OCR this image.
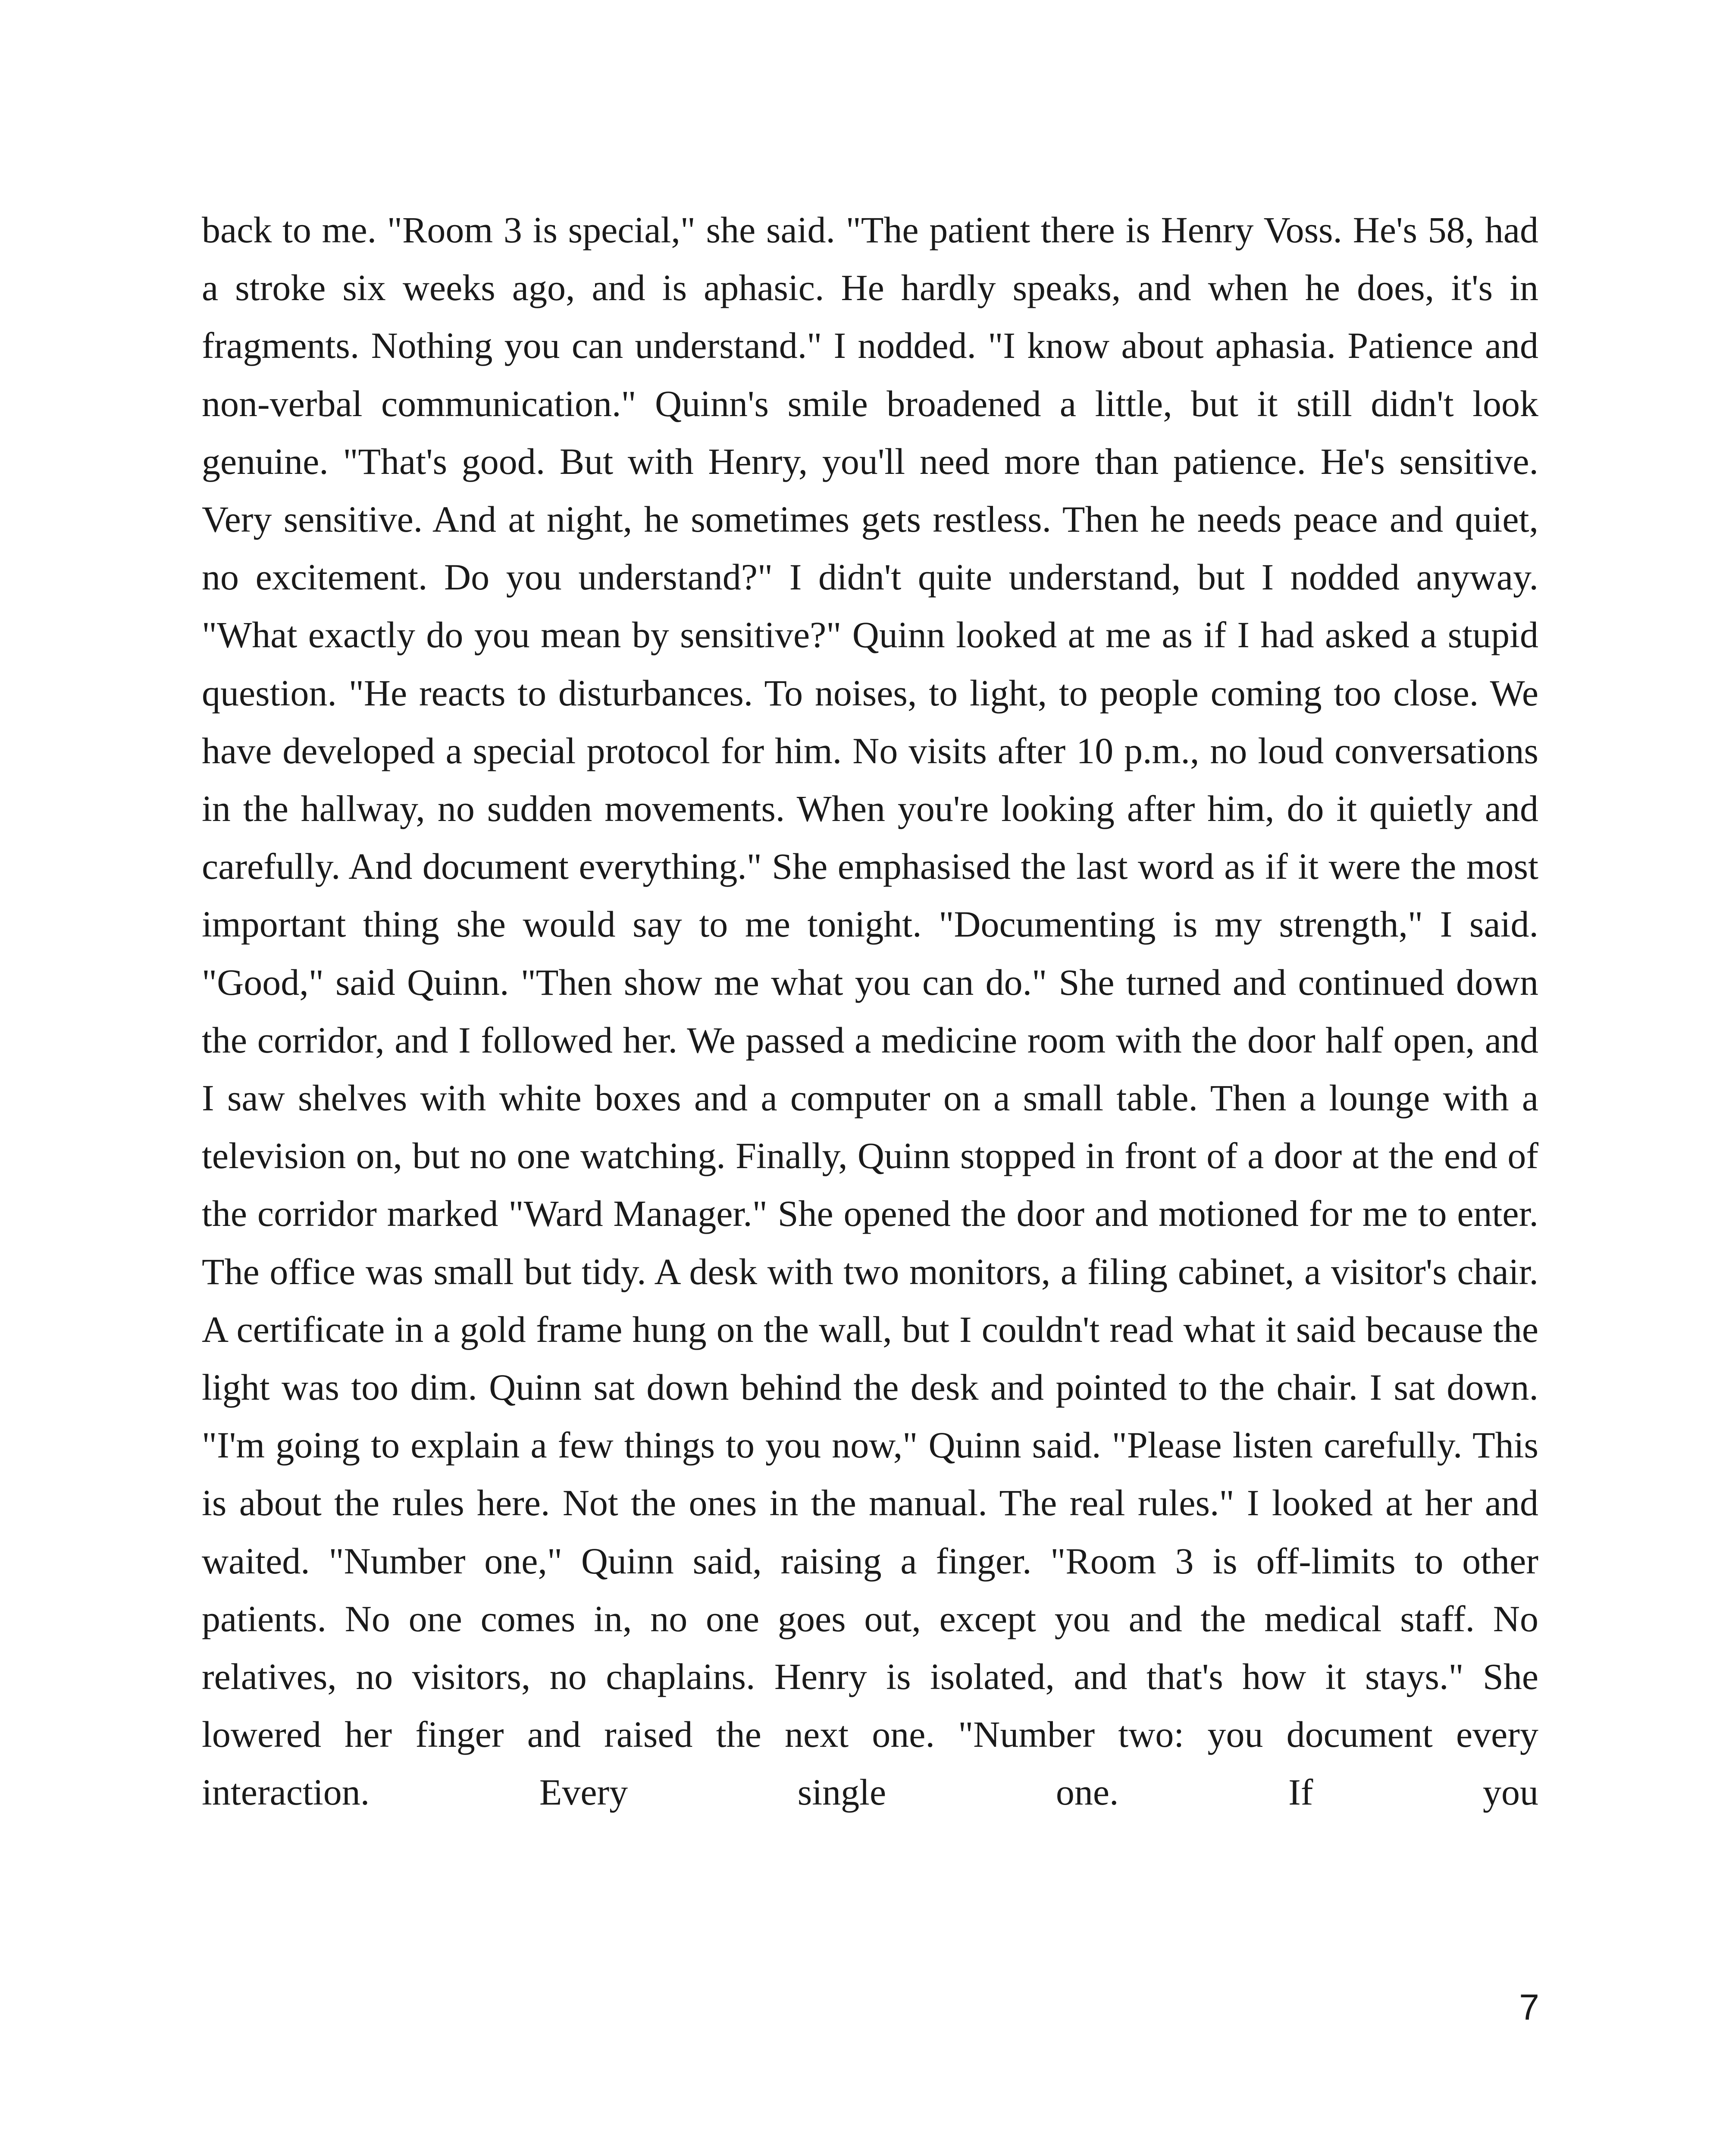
back to me. "Room 3 is special," she said. "The patient there is Henry Voss. He's 58, had a stroke six weeks ago, and is aphasic. He hardly speaks, and when he does, it's in fragments. Nothing you can understand." I nodded. "I know about aphasia. Patience and non-verbal communication." Quinn's smile broadened a little, but it still didn't look genuine. "That's good. But with Henry, you'll need more than patience. He's sensitive. Very sensitive. And at night, he sometimes gets restless. Then he needs peace and quiet, no excitement. Do you understand?" I didn't quite understand, but I nodded anyway. "What exactly do you mean by sensitive?" Quinn looked at me as if I had asked a stupid question. "He reacts to disturbances. To noises, to light, to people coming too close. We have developed a special protocol for him. No visits after 10 p.m., no loud conversations in the hallway, no sudden movements. When you're looking after him, do it quietly and carefully. And document everything." She emphasised the last word as if it were the most important thing she would say to me tonight. "Documenting is my strength," I said. "Good," said Quinn. "Then show me what you can do." She turned and continued down the corridor, and I followed her. We passed a medicine room with the door half open, and I saw shelves with white boxes and a computer on a small table. Then a lounge with a television on, but no one watching. Finally, Quinn stopped in front of a door at the end of the corridor marked "Ward Manager." She opened the door and motioned for me to enter. The office was small but tidy. A desk with two monitors, a filing cabinet, a visitor's chair. A certificate in a gold frame hung on the wall, but I couldn't read what it said because the light was too dim. Quinn sat down behind the desk and pointed to the chair. I sat down. "I'm going to explain a few things to you now," Quinn said. "Please listen carefully. This is about the rules here. Not the ones in the manual. The real rules." I looked at her and waited. "Number one," Quinn said, raising a finger. "Room 3 is off-limits to other patients. No one comes in, no one goes out, except you and the medical staff. No relatives, no visitors, no chaplains. Henry is isolated, and that's how it stays." She lowered her finger and raised the next one. "Number two: you document every interaction. Every single one. If you

7
